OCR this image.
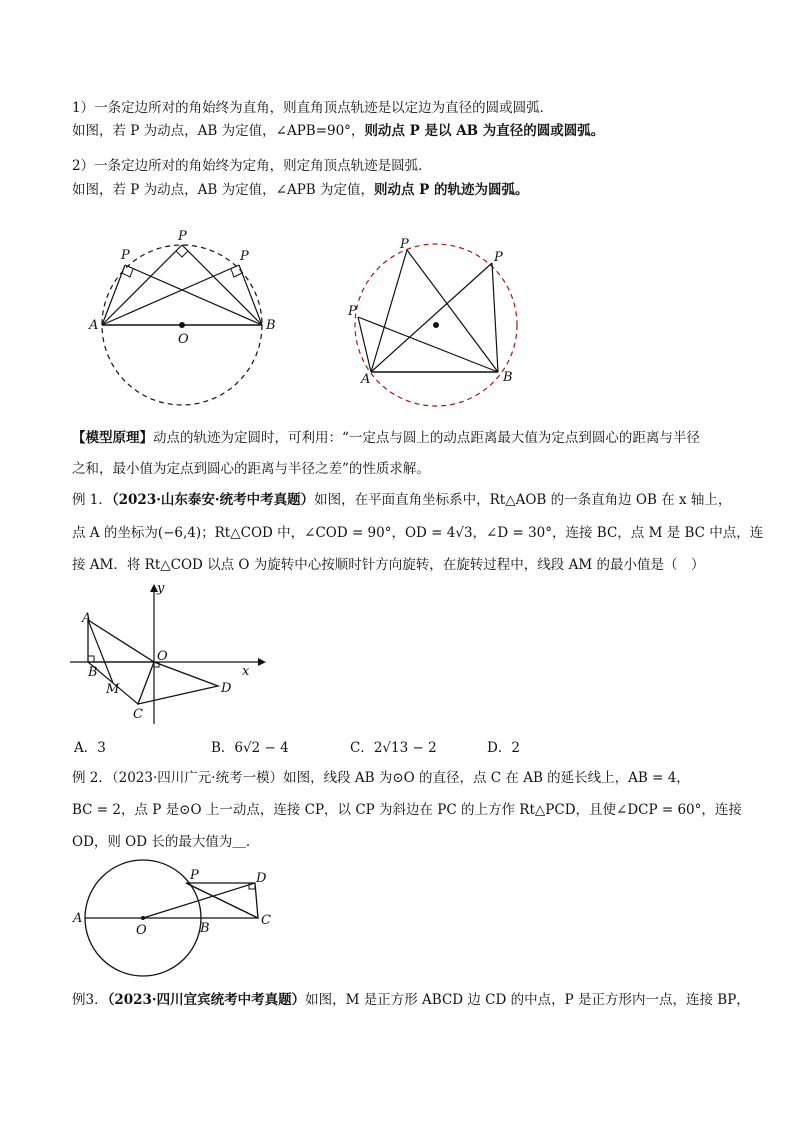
1）一条定边所对的角始终为直角，则直角顶点轨迹是以定边为直径的圆或圆弧．
如图，若 P 为动点，AB 为定值，∠APB=90°，则动点 P 是以 AB 为直径的圆或圆弧。
2）一条定边所对的角始终为定角，则定角顶点轨迹是圆弧．
如图，若 P 为动点，AB 为定值，∠APB 为定值，则动点 P 的轨迹为圆弧。
P
P
P
A	B
O
P
P
P
A	B
【模型原理】动点的轨迹为定圆时，可利用：“一定点与圆上的动点距离最大值为定点到圆心的距离与半径
之和，最小值为定点到圆心的距离与半径之差”的性质求解。
例 1．（2023·山东泰安·统考中考真题）如图，在平面直角坐标系中，Rt△AOB 的一条直角边 OB 在 x 轴上，
点 A 的坐标为(−6,4)；Rt△COD 中，∠COD = 90°，OD = 4√3，∠D = 30°，连接 BC，点 M 是 BC 中点，连
接 AM．将 Rt△COD 以点 O 为旋转中心按顺时针方向旋转，在旋转过程中，线段 AM 的最小值是（　）
y
x
A
B
O
M
C
D
A．3	B．6√2 − 4	C．2√13 − 2	D．2
例 2．（2023·四川广元·统考一模）如图，线段 AB 为⊙O 的直径，点 C 在 AB 的延长线上，AB = 4，
BC = 2，点 P 是⊙O 上一动点，连接 CP，以 CP 为斜边在 PC 的上方作 Rt△PCD，且使∠DCP = 60°，连接
OD，则 OD 长的最大值为＿.
A
O	B
P	D
C
例3．（2023·四川宜宾统考中考真题）如图，M 是正方形 ABCD 边 CD 的中点，P 是正方形内一点，连接 BP，
